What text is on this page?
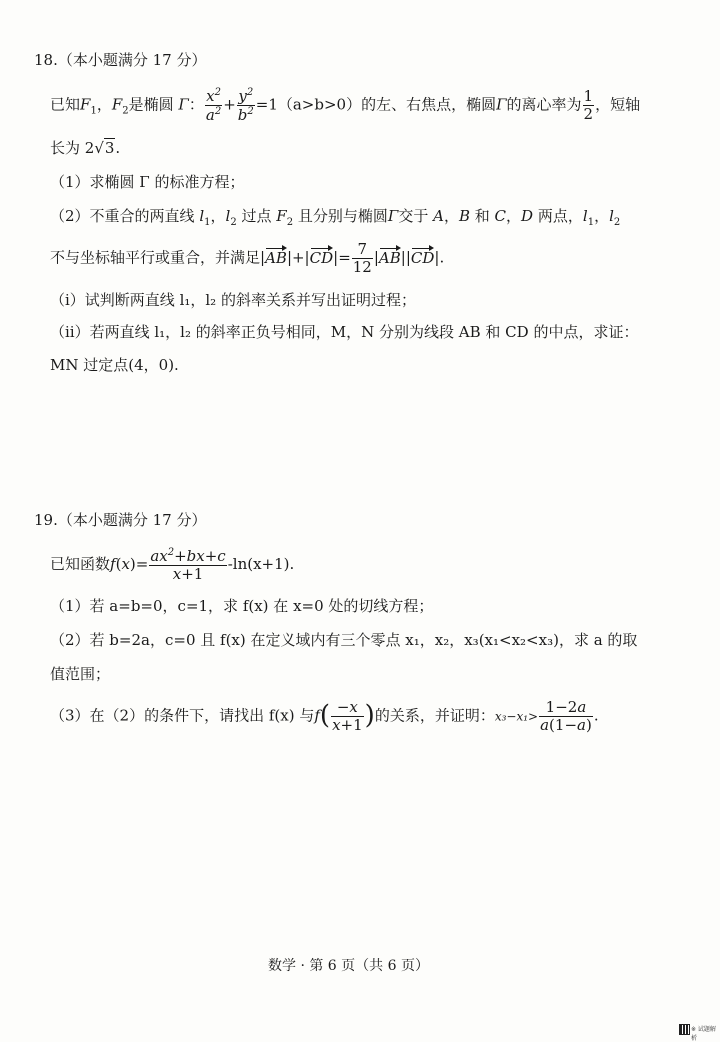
18.（本小题满分 17 分）
已知$F_1$，$F_2$是椭圆 Γ： $\frac{x^2}{a^2} + \frac{y^2}{b^2} =1(a>b>0)$的左、右焦点，椭圆Γ的离心率为 $\frac{1}{2}$ ，短轴
长为 2√3.
（1）求椭圆 Γ 的标准方程；
（2）不重合的两直线 $l_1$，$l_2$ 过点 $F_2$ 且分别与椭圆Γ交于 A，B 和 C，D 两点，$l_1$，$l_2$
不与坐标轴平行或重合，并满足$|AB|+|CD|= \frac{7}{12} |AB||CD|$.
（ⅰ）试判断两直线 l₁，l₂ 的斜率关系并写出证明过程；
（ⅱ）若两直线 l₁，l₂ 的斜率正负号相同，M，N 分别为线段 AB 和 CD 的中点，求证：
MN 过定点(4，0).
19.（本小题满分 17 分）
已知函数$f(x)= \frac{ax^2+bx+c}{x+1} -\ln(x+1)$.
（1）若 a=b=0，c=1，求 f(x) 在 x=0 处的切线方程；
（2）若 b=2a，c=0 且 f(x) 在定义域内有三个零点 x₁，x₂，x₃(x₁<x₂<x₃)，求 a 的取
值范围；
（3）在（2）的条件下，请找出 f(x) 与$f( \frac{-x}{x+1}$ )的关系，并证明：$x_3-x_1> \frac{1-2a}{a(1-a)}$ .
数学 · 第 6 页（共 6 页）
※ 试题解析
